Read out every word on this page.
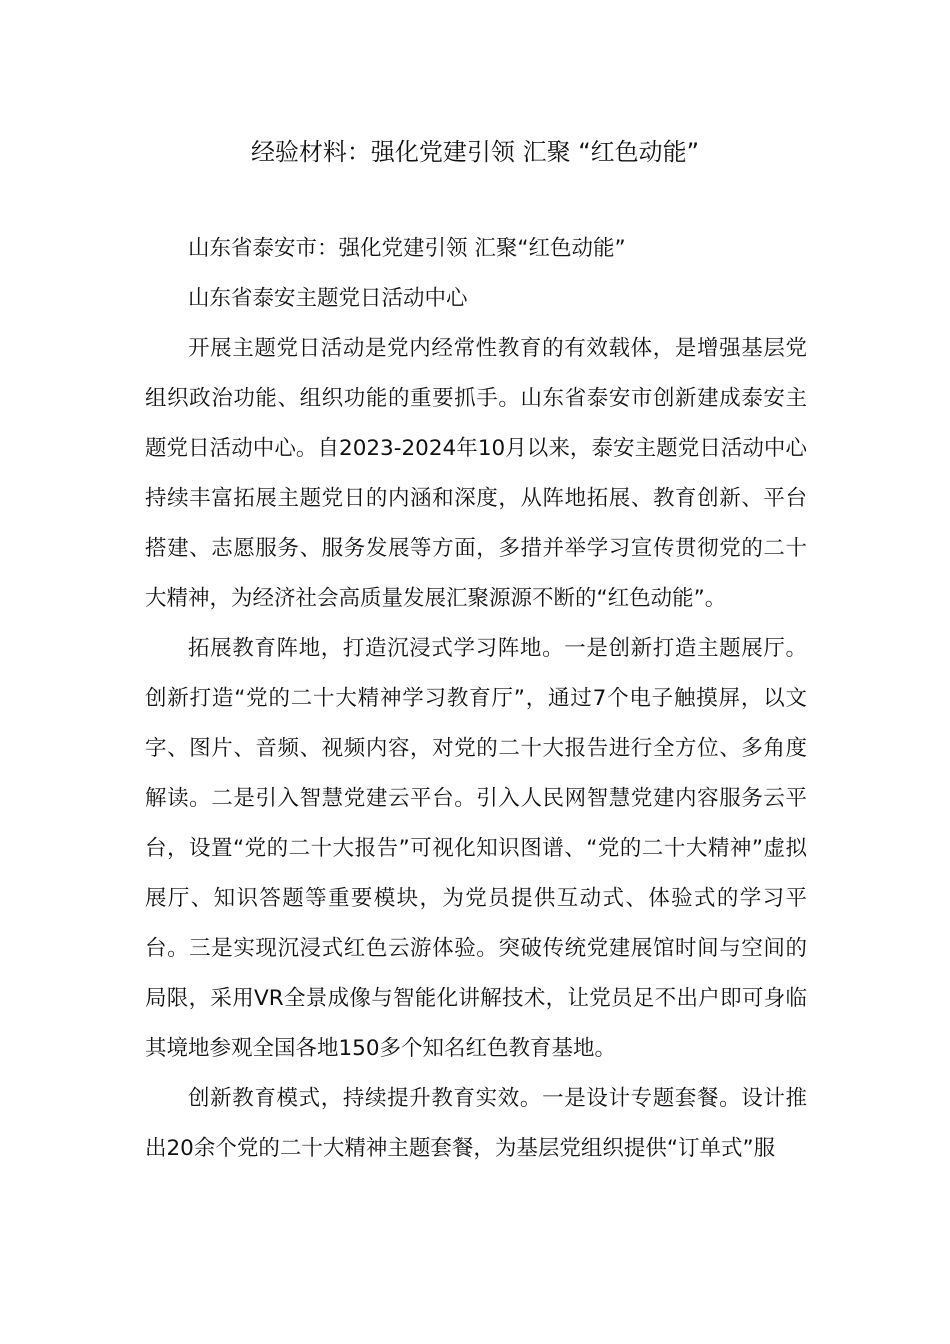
经验材料：强化党建引领 汇聚 “红色动能”

山东省泰安市：强化党建引领 汇聚“红色动能”

山东省泰安主题党日活动中心

开展主题党日活动是党内经常性教育的有效载体，是增强基层党组织政治功能、组织功能的重要抓手。山东省泰安市创新建成泰安主题党日活动中心。自2023-2024年10月以来，泰安主题党日活动中心持续丰富拓展主题党日的内涵和深度，从阵地拓展、教育创新、平台搭建、志愿服务、服务发展等方面，多措并举学习宣传贯彻党的二十大精神，为经济社会高质量发展汇聚源源不断的“红色动能”。

拓展教育阵地，打造沉浸式学习阵地。一是创新打造主题展厅。创新打造“党的二十大精神学习教育厅”，通过7个电子触摸屏，以文字、图片、音频、视频内容，对党的二十大报告进行全方位、多角度解读。二是引入智慧党建云平台。引入人民网智慧党建内容服务云平台，设置“党的二十大报告”可视化知识图谱、“党的二十大精神”虚拟展厅、知识答题等重要模块，为党员提供互动式、体验式的学习平台。三是实现沉浸式红色云游体验。突破传统党建展馆时间与空间的局限，采用VR全景成像与智能化讲解技术，让党员足不出户即可身临其境地参观全国各地150多个知名红色教育基地。

创新教育模式，持续提升教育实效。一是设计专题套餐。设计推出20余个党的二十大精神主题套餐，为基层党组织提供“订单式”服
